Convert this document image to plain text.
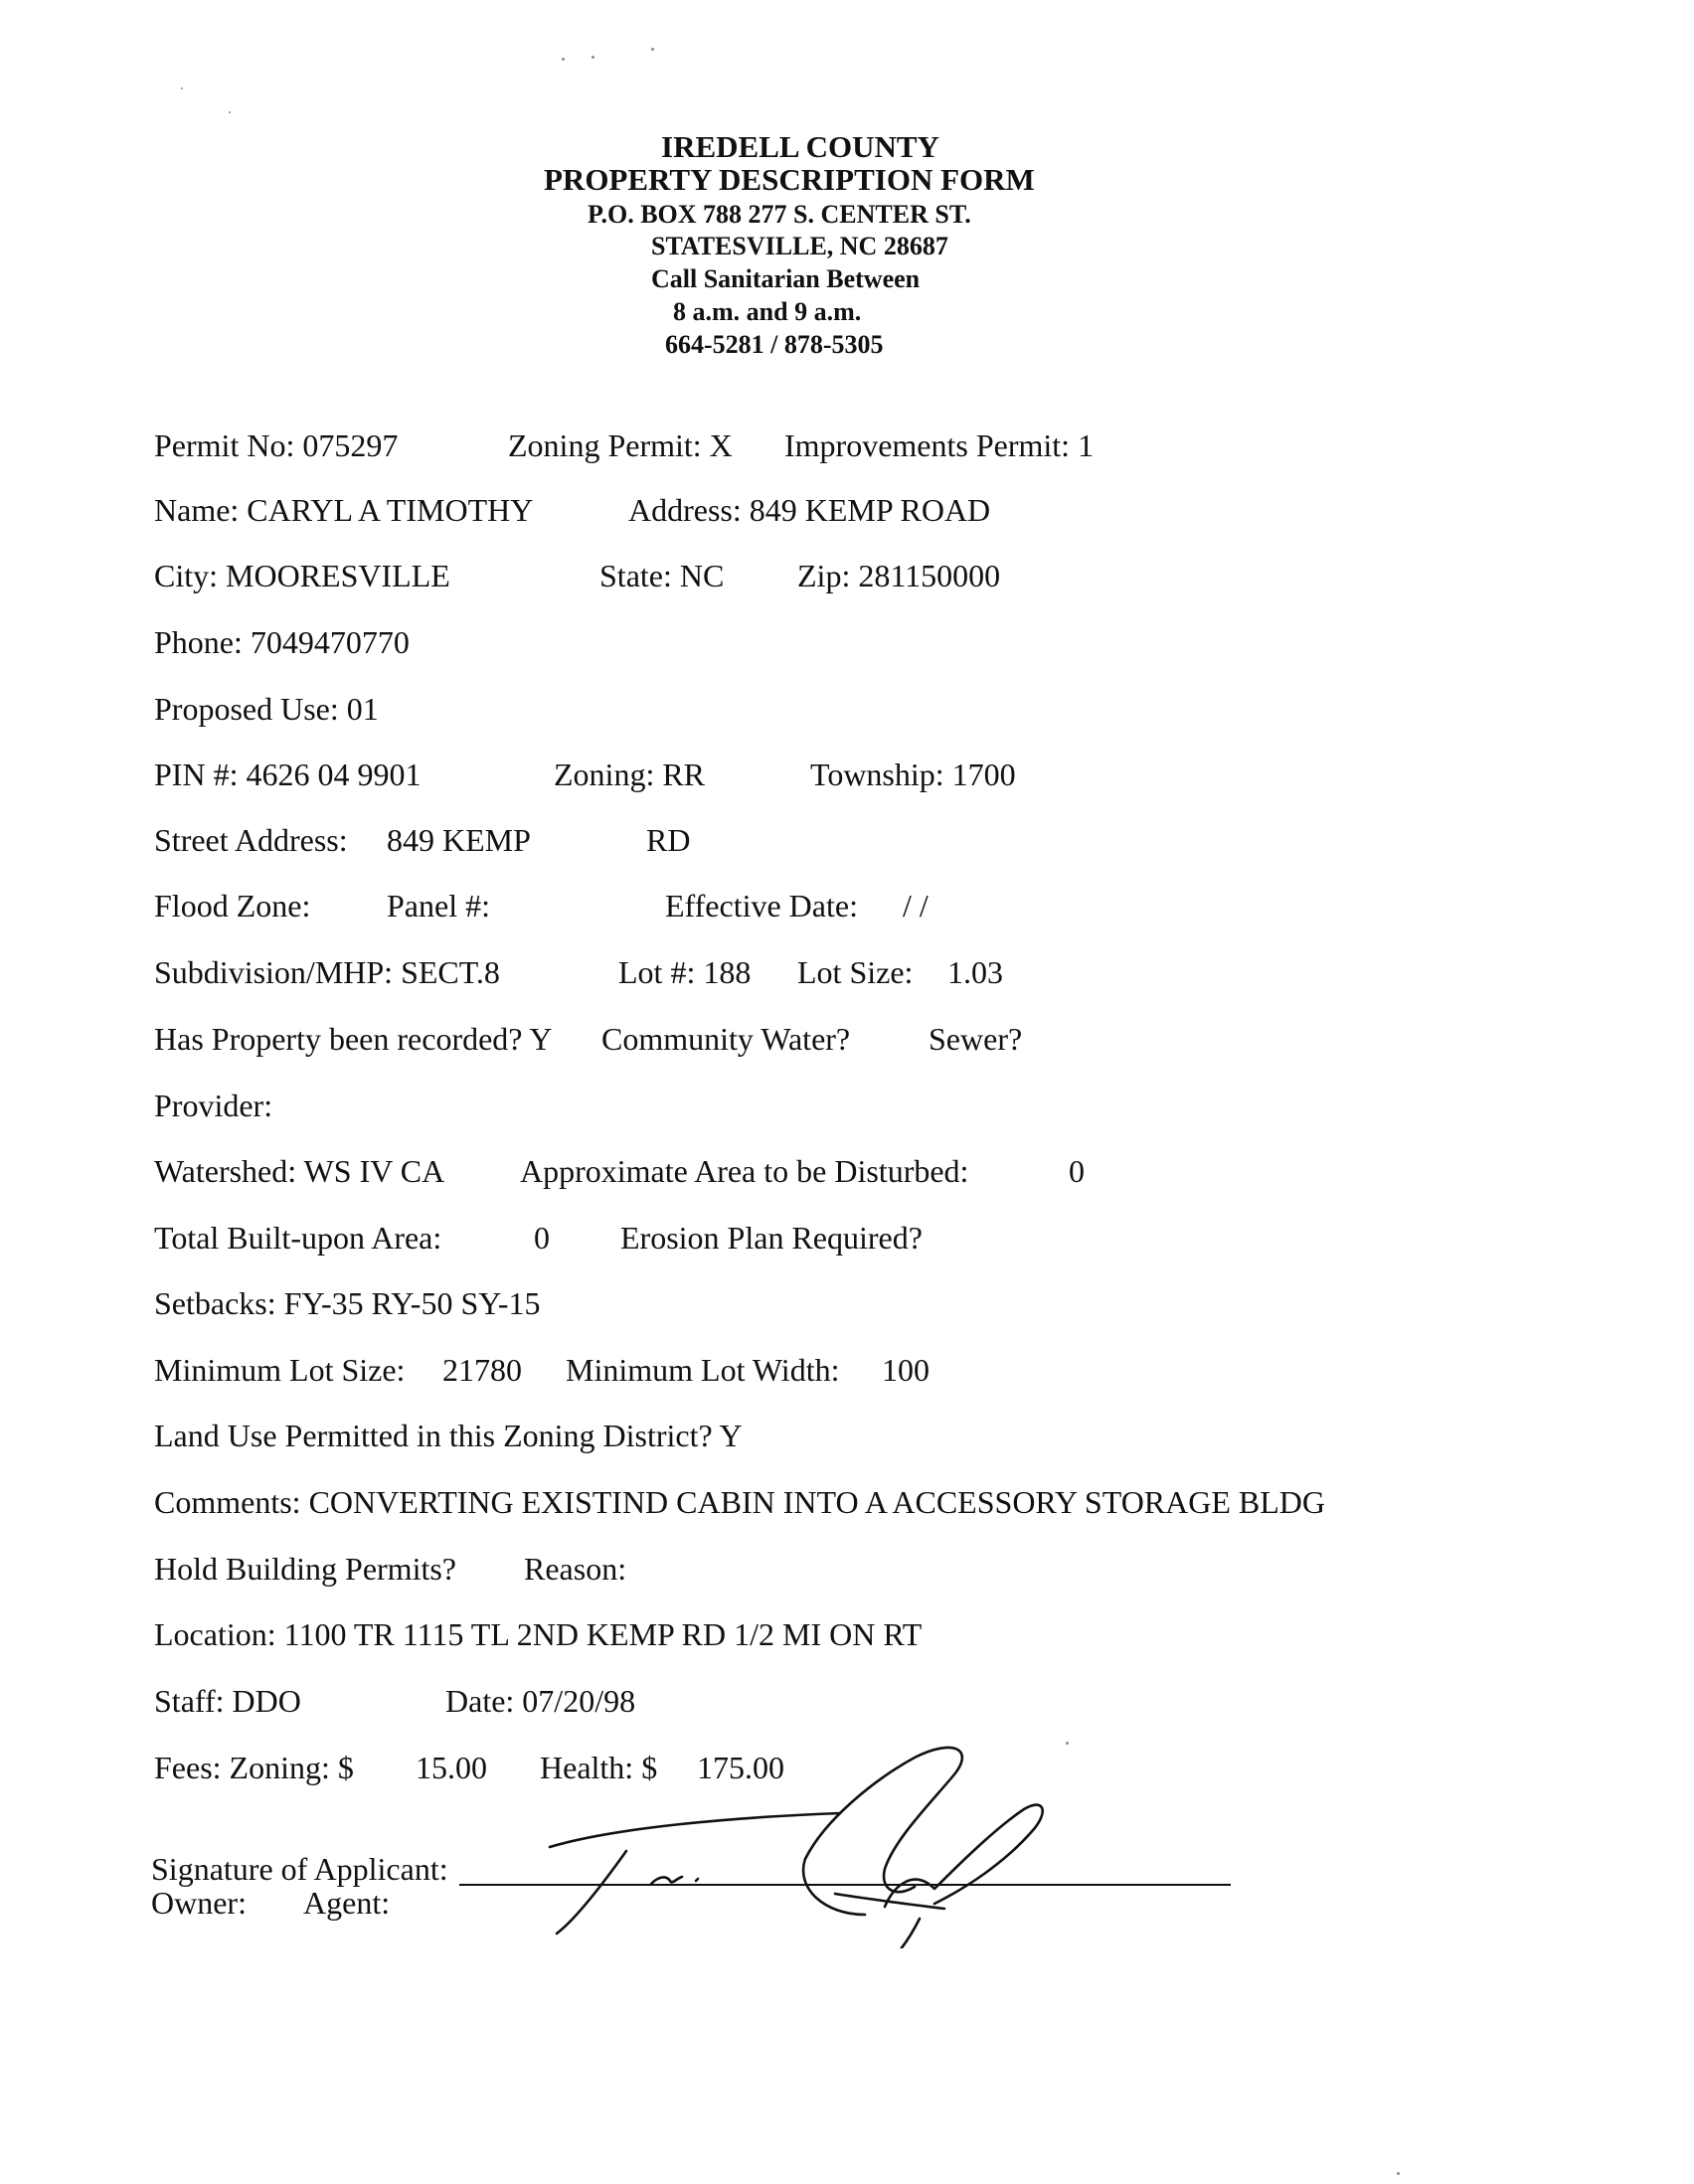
IREDELL COUNTY
PROPERTY DESCRIPTION FORM
P.O. BOX 788 277 S. CENTER ST.
STATESVILLE, NC 28687
Call Sanitarian Between
8 a.m. and 9 a.m.
664-5281 / 878-5305
Permit No: 075297	Zoning Permit: X Improvements Permit: 1
Name: CARYL A TIMOTHY	Address: 849 KEMP ROAD
City: MOORESVILLE	State: NC Zip: 281150000
Phone: 7049470770
Proposed Use: 01
PIN #: 4626 04 9901	Zoning: RR	Township: 1700
Street Address: 849 KEMP	RD
Flood Zone: Panel #:	Effective Date: / /
Subdivision/MHP: SECT.8	Lot #: 188 Lot Size: 1.03
Has Property been recorded? Y Community Water? Sewer?
Provider:
Watershed: WS IV CA Approximate Area to be Disturbed:	0
Total Built-upon Area:	0 Erosion Plan Required?
Setbacks: FY-35 RY-50 SY-15
Minimum Lot Size: 21780 Minimum Lot Width: 100
Land Use Permitted in this Zoning District? Y
Comments: CONVERTING EXISTIND CABIN INTO A ACCESSORY STORAGE BLDG
Hold Building Permits? Reason:
Location: 1100 TR 1115 TL 2ND KEMP RD 1/2 MI ON RT
Staff: DDO	Date: 07/20/98
Fees: Zoning: $ 15.00 Health: $ 175.00
Signature of Applicant:
Owner: Agent:
